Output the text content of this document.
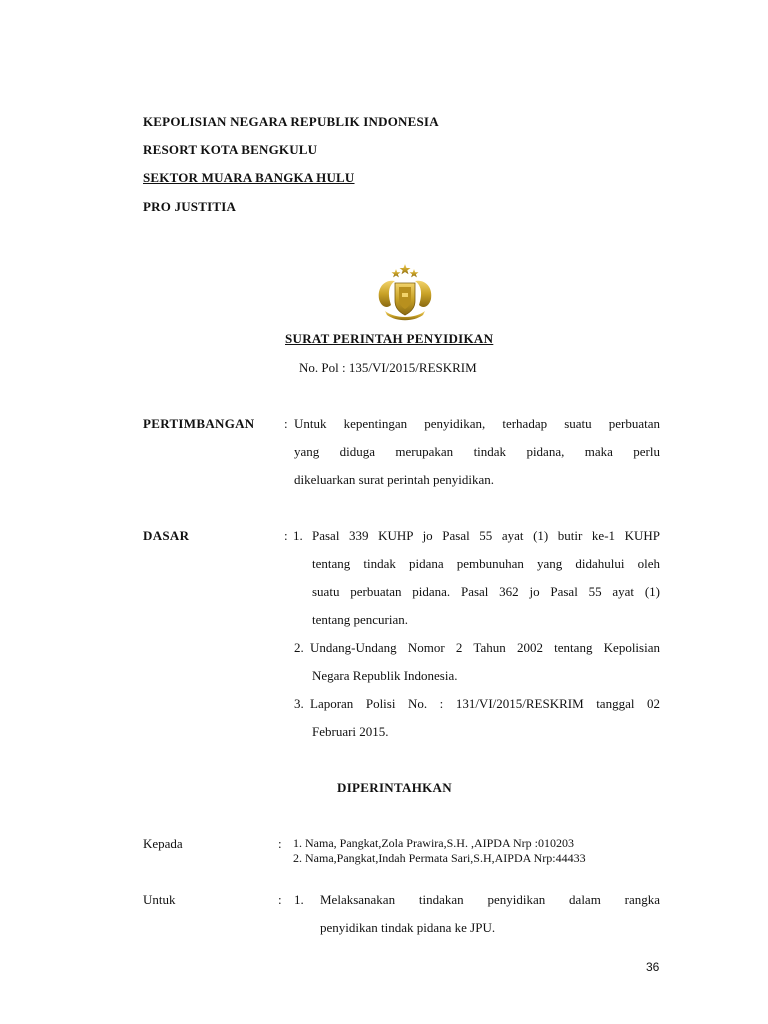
KEPOLISIAN NEGARA REPUBLIK INDONESIA
RESORT KOTA BENGKULU
SEKTOR MUARA BANGKA HULU
PRO JUSTITIA
SURAT PERINTAH PENYIDIKAN
No. Pol : 135/VI/2015/RESKRIM
PERTIMBANGAN : Untuk kepentingan penyidikan, terhadap suatu perbuatan
yang diduga merupakan tindak pidana, maka perlu
dikeluarkan surat perintah penyidikan.
DASAR	: 1. Pasal 339 KUHP jo Pasal 55 ayat (1) butir ke-1 KUHP
tentang tindak pidana pembunuhan yang didahului oleh
suatu perbuatan pidana. Pasal 362 jo Pasal 55 ayat (1)
tentang pencurian.
2. Undang-Undang Nomor 2 Tahun 2002 tentang Kepolisian
Negara Republik Indonesia.
3. Laporan Polisi No. : 131/VI/2015/RESKRIM tanggal 02
Februari 2015.
DIPERINTAHKAN
Kepada	: 1. Nama, Pangkat,Zola Prawira,S.H. ,AIPDA Nrp :010203
2. Nama,Pangkat,Indah Permata Sari,S.H,AIPDA Nrp:44433
Untuk	: 1. Melaksanakan tindakan penyidikan dalam rangka
penyidikan tindak pidana ke JPU.
36
